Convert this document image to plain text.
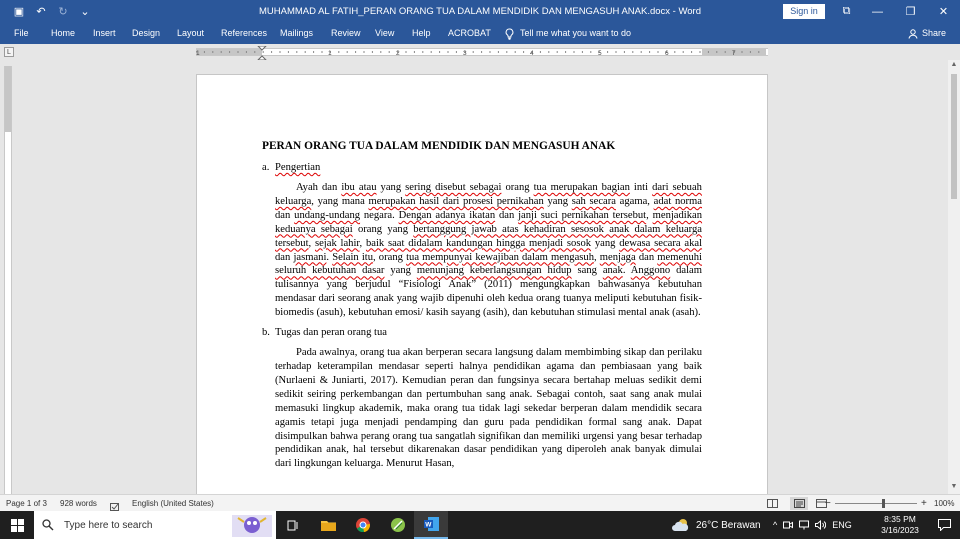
▣	↶	↻	⌄	MUHAMMAD AL FATIH_PERAN ORANG TUA DALAM MENDIDIK DAN MENGASUH ANAK.docx - Word	Sign in	⧉	—	❐	✕
File Home Insert Design Layout References Mailings Review View Help ACROBAT	Tell me what you want to do	Share
L	1	1	2	3	4	5	6	7
PERAN ORANG TUA DALAM MENDIDIK DAN MENGASUH ANAK
a. Pengertian
Ayah dan ibu atau yang sering disebut sebagai orang tua merupakan bagian inti dari sebuah keluarga, yang mana merupakan hasil dari prosesi pernikahan yang sah secara agama, adat norma dan undang-undang negara. Dengan adanya ikatan dan janji suci pernikahan tersebut, menjadikan keduanya sebagai orang yang bertanggung jawab atas kehadiran sesosok anak dalam keluarga tersebut, sejak lahir, baik saat didalam kandungan hingga menjadi sosok yang dewasa secara akal dan jasmani. Selain itu, orang tua mempunyai kewajiban dalam mengasuh, menjaga dan memenuhi seluruh kebutuhan dasar yang menunjang keberlangsungan hidup sang anak. Anggono dalam tulisannya yang berjudul “Fisiologi Anak” (2011) mengungkapkan bahwasanya kebutuhan mendasar dari seorang anak yang wajib dipenuhi oleh kedua orang tuanya meliputi kebutuhan fisik-biomedis (asuh), kebutuhan emosi/ kasih sayang (asih), dan kebutuhan stimulasi mental anak (asah).
b. Tugas dan peran orang tua
Pada awalnya, orang tua akan berperan secara langsung dalam membimbing sikap dan perilaku terhadap keterampilan mendasar seperti halnya pendidikan agama dan pembiasaan yang baik (Nurlaeni & Juniarti, 2017). Kemudian peran dan fungsinya secara bertahap meluas sedikit demi sedikit seiring perkembangan dan pertumbuhan sang anak. Sebagai contoh, saat sang anak mulai memasuki lingkup akademik, maka orang tua tidak lagi sekedar berperan dalam mendidik secara agamis tetapi juga menjadi pendamping dan guru pada pendidikan formal sang anak. Dapat disimpulkan bahwa perang orang tua sangatlah signifikan dan memiliki urgensi yang besar terhadap pendidikan anak, hal tersebut dikarenakan dasar pendidikan yang diperoleh anak banyak dimulai dari lingkungan keluarga. Menurut Hasan,
▲
▼
Page 1 of 3 928 words	English (United States)	−	+ 100%
Type here to search	W	26°C Berawan ^	ENG
8:35 PM
3/16/2023
